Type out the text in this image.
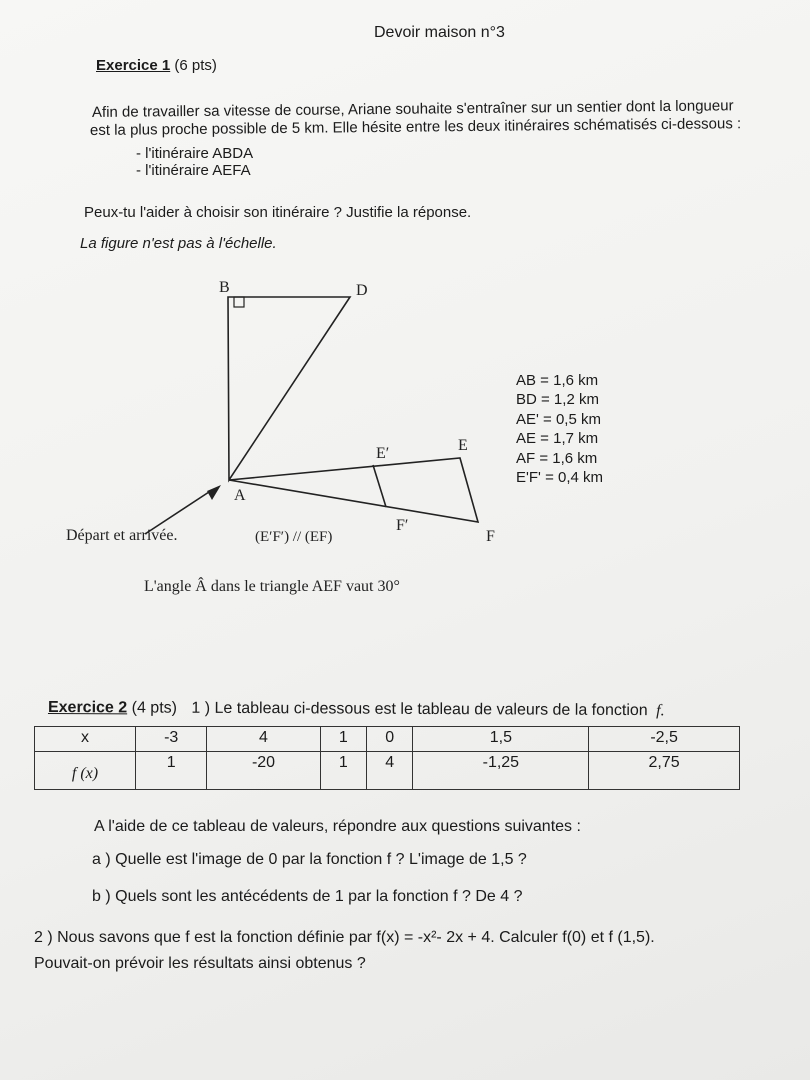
Devoir maison n°3
Exercice 1 (6 pts)
Afin de travailler sa vitesse de course, Ariane souhaite s'entraîner sur un sentier dont la longueur
est la plus proche possible de 5 km. Elle hésite entre les deux itinéraires schématisés ci-dessous :
- l'itinéraire ABDA
- l'itinéraire AEFA
Peux-tu l'aider à choisir son itinéraire ? Justifie la réponse.
La figure n'est pas à l'échelle.
B	D
A
E′	E
F′
F
Départ et arrivée.	(E′F′) // (EF)
L'angle Â dans le triangle AEF vaut 30°
AB = 1,6 km
BD = 1,2 km
AE' = 0,5 km
AE = 1,7 km
AF = 1,6 km
E'F' = 0,4 km
Exercice 2 (4 pts) 1 ) Le tableau ci-dessous est le tableau de valeurs de la fonction f.
x	-3	4	1	0	1,5	-2,5
f (x)	1	-20	1	4	-1,25	2,75
A l'aide de ce tableau de valeurs, répondre aux questions suivantes :
a ) Quelle est l'image de 0 par la fonction f ? L'image de 1,5 ?
b ) Quels sont les antécédents de 1 par la fonction f ? De 4 ?
2 ) Nous savons que f est la fonction définie par f(x) = -x²- 2x + 4. Calculer f(0) et f (1,5).
Pouvait-on prévoir les résultats ainsi obtenus ?
